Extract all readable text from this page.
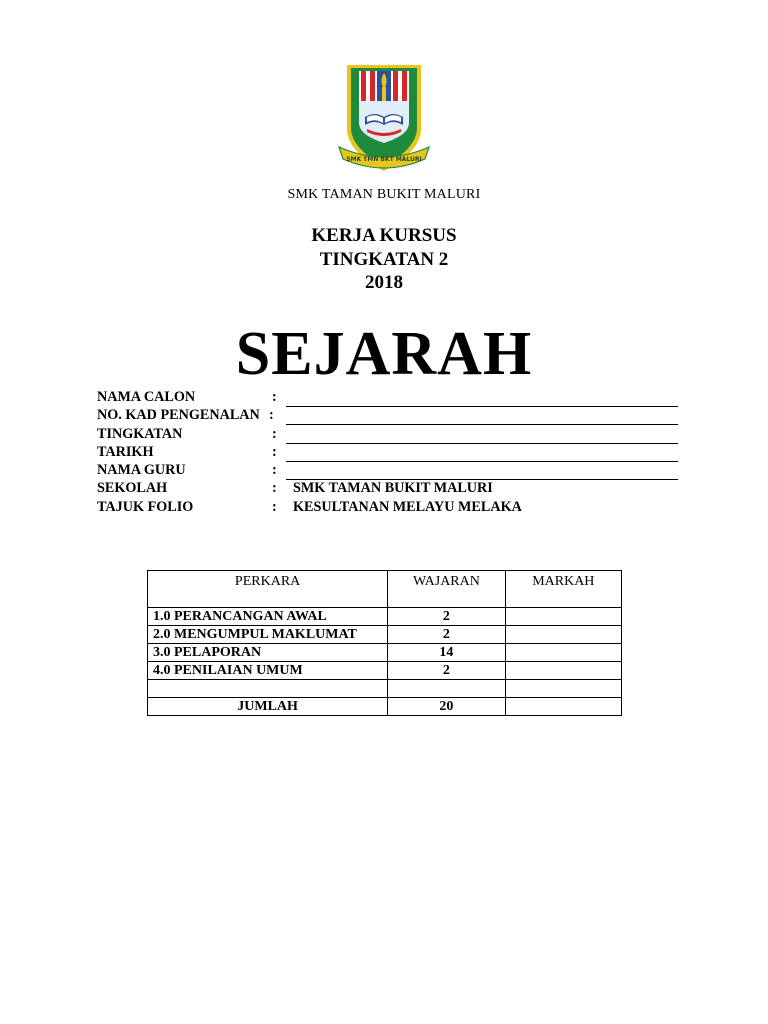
SMK TMN BKT MALURI
SMK TAMAN BUKIT MALURI
KERJA KURSUS
TINGKATAN 2
2018
SEJARAH
NAMA CALON	:
NO. KAD PENGENALAN :
TINGKATAN	:
TARIKH	:
NAMA GURU	:
SEKOLAH	: SMK TAMAN BUKIT MALURI
TAJUK FOLIO	: KESULTANAN MELAYU MELAKA
PERKARA	WAJARAN	MARKAH
1.0 PERANCANGAN AWAL	2	
2.0 MENGUMPUL MAKLUMAT	2	
3.0 PELAPORAN	14	
4.0 PENILAIAN UMUM	2	

JUMLAH	20	
